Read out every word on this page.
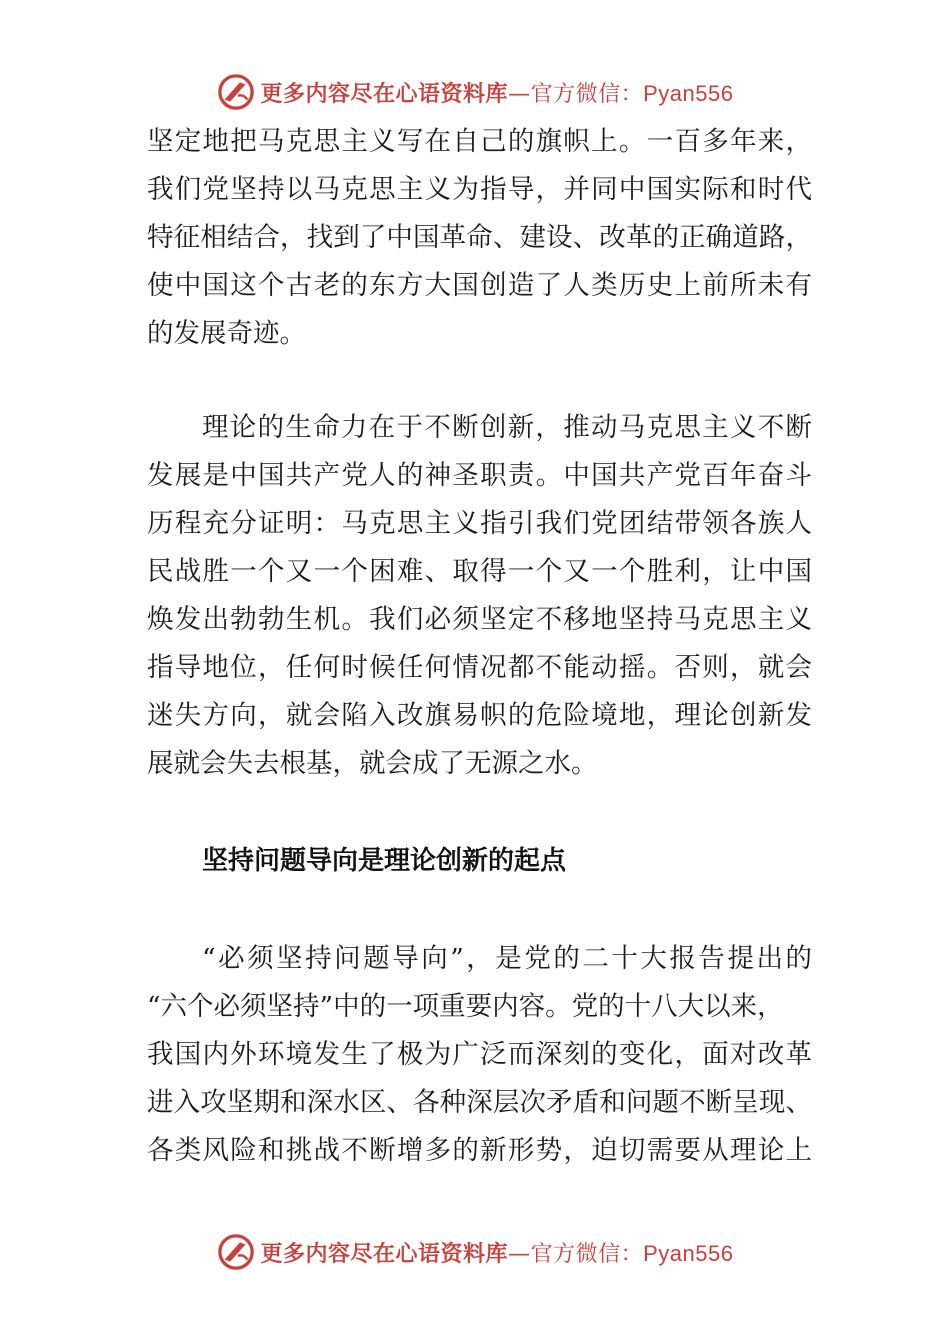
更多内容尽在心语资料库—官方微信：Pyan556
坚定地把马克思主义写在自己的旗帜上。一百多年来，
我们党坚持以马克思主义为指导，并同中国实际和时代
特征相结合，找到了中国革命、建设、改革的正确道路，
使中国这个古老的东方大国创造了人类历史上前所未有
的发展奇迹。
理论的生命力在于不断创新，推动马克思主义不断
发展是中国共产党人的神圣职责。中国共产党百年奋斗
历程充分证明：马克思主义指引我们党团结带领各族人
民战胜一个又一个困难、取得一个又一个胜利，让中国
焕发出勃勃生机。我们必须坚定不移地坚持马克思主义
指导地位，任何时候任何情况都不能动摇。否则，就会
迷失方向，就会陷入改旗易帜的危险境地，理论创新发
展就会失去根基，就会成了无源之水。
坚持问题导向是理论创新的起点
“必须坚持问题导向”，是党的二十大报告提出的
“六个必须坚持”中的一项重要内容。党的十八大以来，
我国内外环境发生了极为广泛而深刻的变化，面对改革
进入攻坚期和深水区、各种深层次矛盾和问题不断呈现、
各类风险和挑战不断增多的新形势，迫切需要从理论上
更多内容尽在心语资料库—官方微信：Pyan556
